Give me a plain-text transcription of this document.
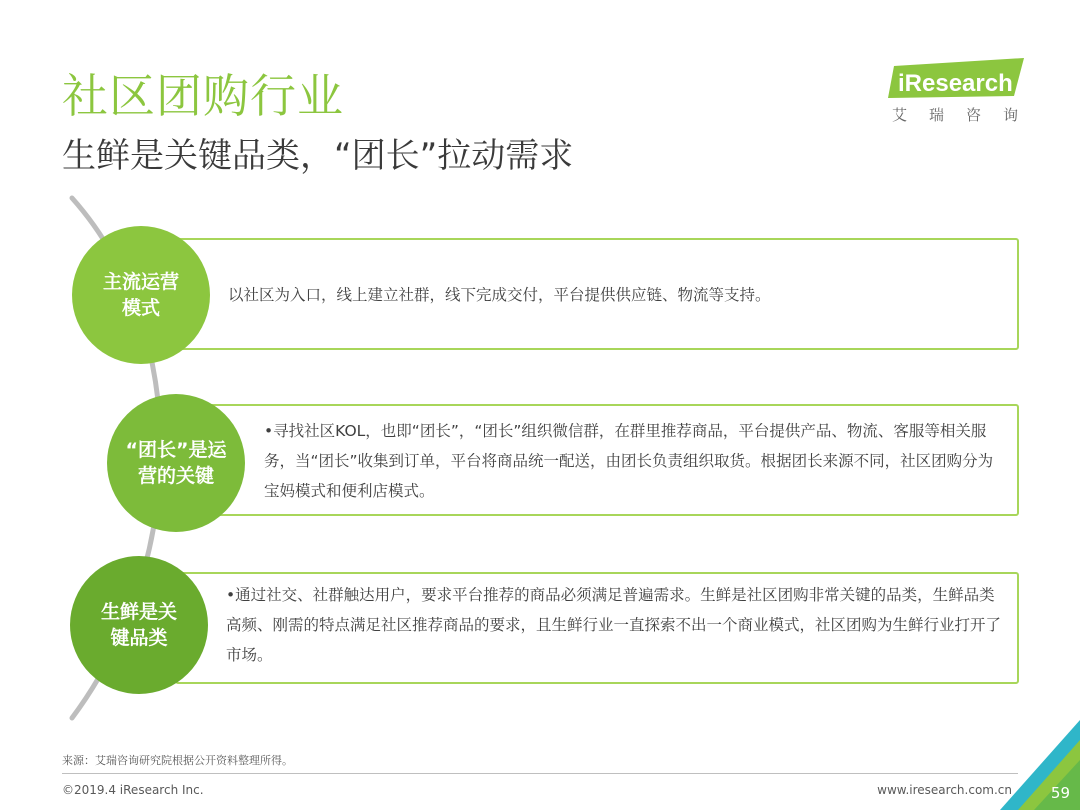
社区团购行业
生鲜是关键品类，“团长”拉动需求
iResearch
艾瑞咨询
以社区为入口，线上建立社群，线下完成交付，平台提供供应链、物流等支持。
主流运营模式
•寻找社区KOL，也即“团长”，“团长”组织微信群，在群里推荐商品，平台提供产品、物流、客服等相关服务，当“团长”收集到订单，平台将商品统一配送，由团长负责组织取货。根据团长来源不同，社区团购分为宝妈模式和便利店模式。
“团长”是运营的关键
•通过社交、社群触达用户，要求平台推荐的商品必须满足普遍需求。生鲜是社区团购非常关键的品类，生鲜品类高频、刚需的特点满足社区推荐商品的要求，且生鲜行业一直探索不出一个商业模式，社区团购为生鲜行业打开了市场。
生鲜是关键品类
来源：艾瑞咨询研究院根据公开资料整理所得。
©2019.4 iResearch Inc.	www.iresearch.com.cn	59
